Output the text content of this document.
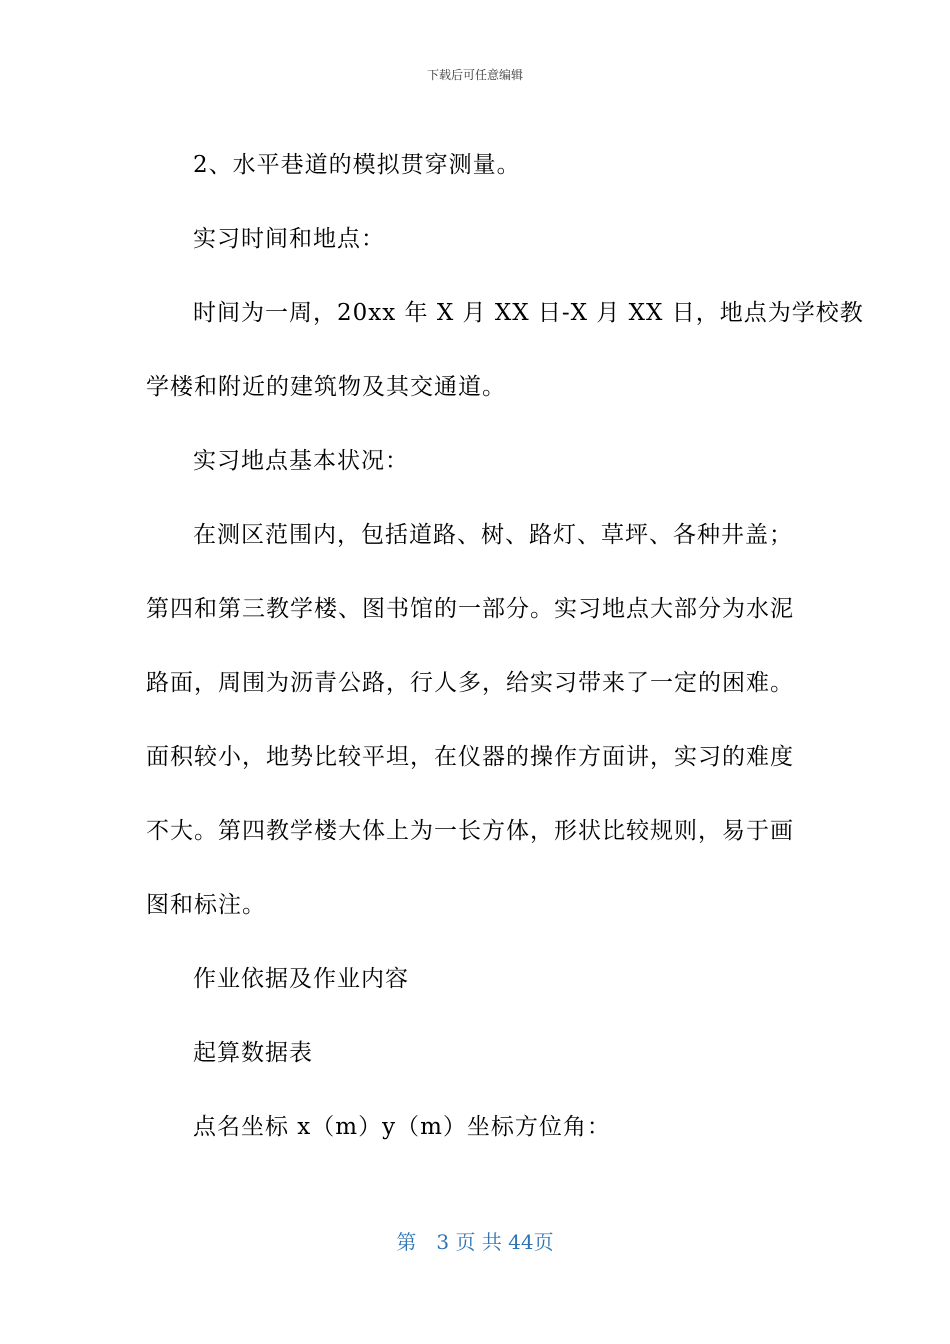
下载后可任意编辑

2、水平巷道的模拟贯穿测量。

实习时间和地点：

时间为一周，20xx 年 X 月 XX 日-X 月 XX 日，地点为学校教

学楼和附近的建筑物及其交通道。

实习地点基本状况：

在测区范围内，包括道路、树、路灯、草坪、各种井盖；

第四和第三教学楼、图书馆的一部分。实习地点大部分为水泥

路面，周围为沥青公路，行人多，给实习带来了一定的困难。

面积较小，地势比较平坦，在仪器的操作方面讲，实习的难度

不大。第四教学楼大体上为一长方体，形状比较规则，易于画

图和标注。

作业依据及作业内容

起算数据表

点名坐标 x（m）y（m）坐标方位角：

第　3 页 共 44页
